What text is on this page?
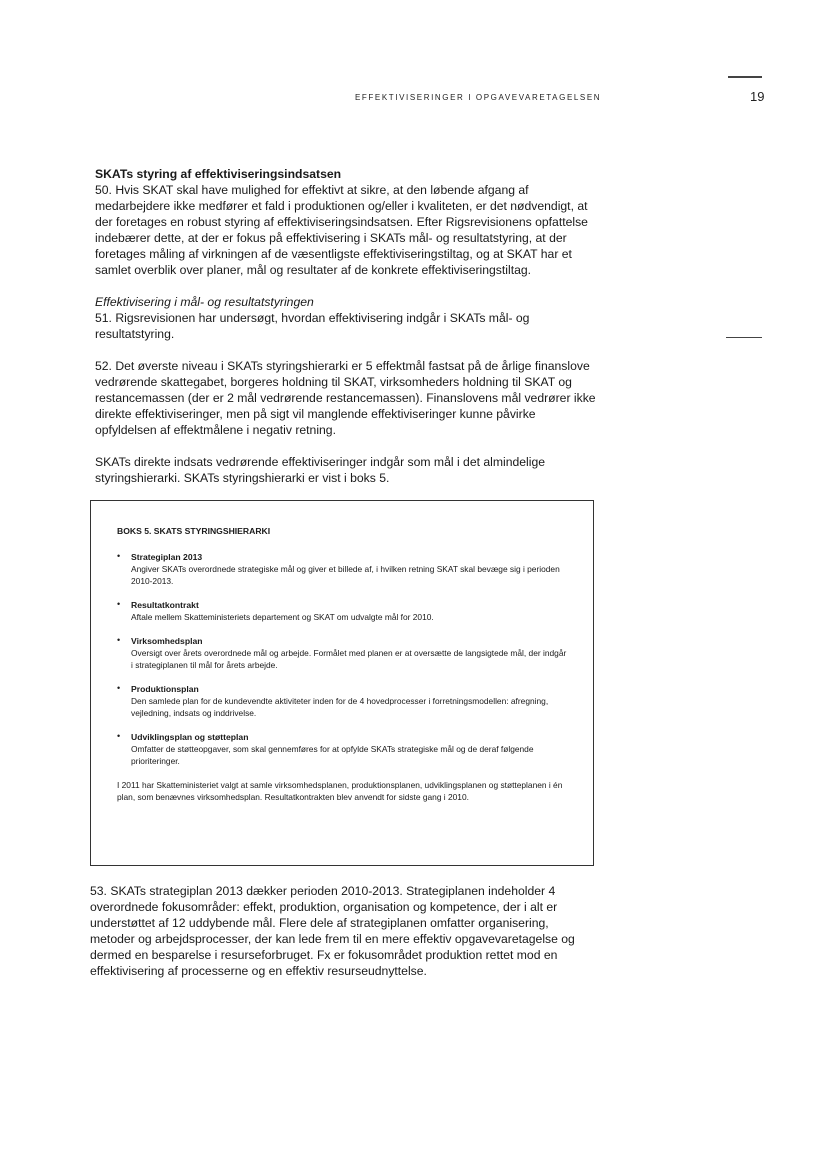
EFFEKTIVISERINGER I OPGAVEVARETAGELSEN	19
SKATs styring af effektiviseringsindsatsen

50. Hvis SKAT skal have mulighed for effektivt at sikre, at den løbende afgang af medarbejdere ikke medfører et fald i produktionen og/eller i kvaliteten, er det nødvendigt, at der foretages en robust styring af effektiviseringsindsatsen. Efter Rigsrevisionens opfattelse indebærer dette, at der er fokus på effektivisering i SKATs mål- og resultatstyring, at der foretages måling af virkningen af de væsentligste effektiviseringstiltag, og at SKAT har et samlet overblik over planer, mål og resultater af de konkrete effektiviseringstiltag.

Effektivisering i mål- og resultatstyringen

51. Rigsrevisionen har undersøgt, hvordan effektivisering indgår i SKATs mål- og resultatstyring.

52. Det øverste niveau i SKATs styringshierarki er 5 effektmål fastsat på de årlige finanslove vedrørende skattegabet, borgeres holdning til SKAT, virksomheders holdning til SKAT og restancemassen (der er 2 mål vedrørende restancemassen). Finanslovens mål vedrører ikke direkte effektiviseringer, men på sigt vil manglende effektiviseringer kunne påvirke opfyldelsen af effektmålene i negativ retning.

SKATs direkte indsats vedrørende effektiviseringer indgår som mål i det almindelige styringshierarki. SKATs styringshierarki er vist i boks 5.

BOKS 5. SKATS STYRINGSHIERARKI
• Strategiplan 2013
Angiver SKATs overordnede strategiske mål og giver et billede af, i hvilken retning SKAT skal bevæge sig i perioden 2010-2013.
• Resultatkontrakt
Aftale mellem Skatteministeriets departement og SKAT om udvalgte mål for 2010.
• Virksomhedsplan
Oversigt over årets overordnede mål og arbejde. Formålet med planen er at oversætte de langsigtede mål, der indgår i strategiplanen til mål for årets arbejde.
• Produktionsplan
Den samlede plan for de kundevendte aktiviteter inden for de 4 hovedprocesser i forretningsmodellen: afregning, vejledning, indsats og inddrivelse.
• Udviklingsplan og støtteplan
Omfatter de støtteopgaver, som skal gennemføres for at opfylde SKATs strategiske mål og de deraf følgende prioriteringer.

I 2011 har Skatteministeriet valgt at samle virksomhedsplanen, produktionsplanen, udviklingsplanen og støtteplanen i én plan, som benævnes virksomhedsplan. Resultatkontrakten blev anvendt for sidste gang i 2010.

53. SKATs strategiplan 2013 dækker perioden 2010-2013. Strategiplanen indeholder 4 overordnede fokusområder: effekt, produktion, organisation og kompetence, der i alt er understøttet af 12 uddybende mål. Flere dele af strategiplanen omfatter organisering, metoder og arbejdsprocesser, der kan lede frem til en mere effektiv opgavevaretagelse og dermed en besparelse i resurseforbruget. Fx er fokusområdet produktion rettet mod en effektivisering af processerne og en effektiv resurseudnyttelse.
